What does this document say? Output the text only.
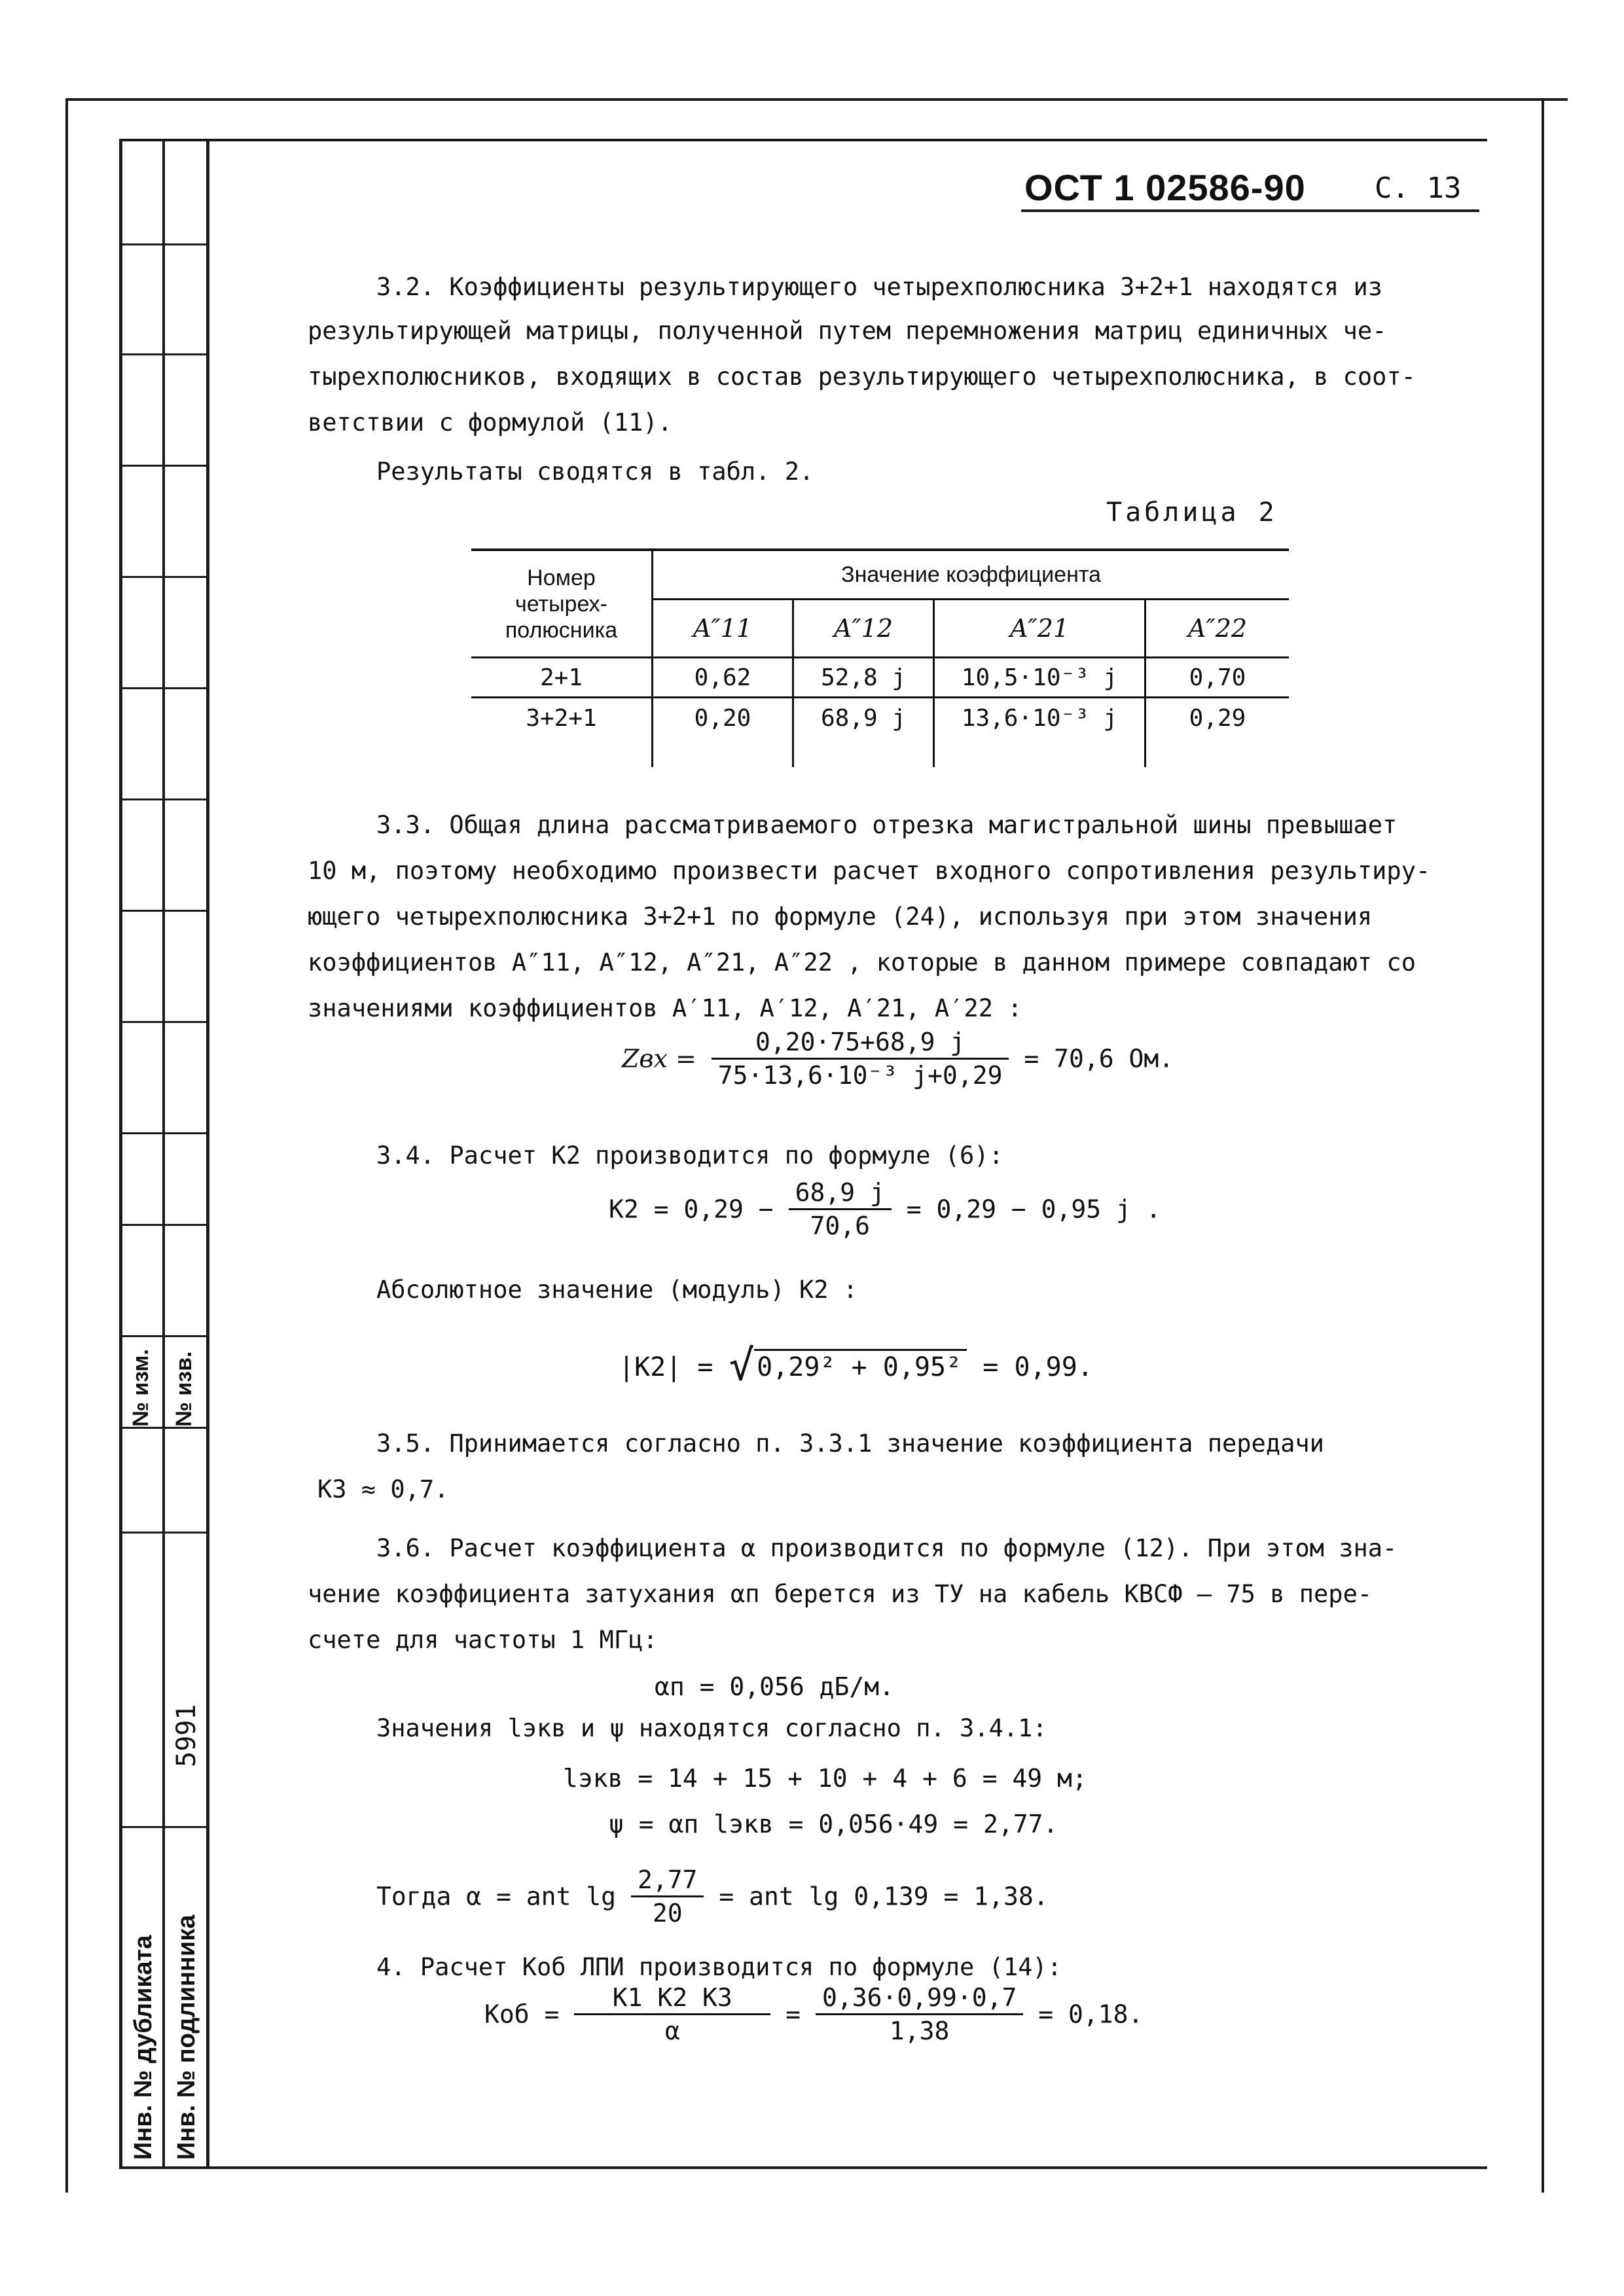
№ изм. № изв.
5991
Инв. № дубликата Инв. № подлинника
ОСТ 1 02586-90 С. 13
3.2. Коэффициенты результирующего четырехполюсника 3+2+1 находятся из
результирующей матрицы, полученной путем перемножения матриц единичных че-
тырехполюсников, входящих в состав результирующего четырехполюсника, в соот-
ветствии с формулой (11).
Результаты сводятся в табл. 2.
Таблица 2
Номер четырех- полюсника	Значение коэффициента			
	A″11	A″12	A″21	A″22
2+1	0,62	52,8 j	10,5·10⁻³ j	0,70
3+2+1	0,20	68,9 j	13,6·10⁻³ j	0,29
3.3. Общая длина рассматриваемого отрезка магистральной шины превышает
10 м, поэтому необходимо произвести расчет входного сопротивления результиру-
ющего четырехполюсника 3+2+1 по формуле (24), используя при этом значения
коэффициентов A″11, A″12, A″21, A″22 , которые в данном примере совпадают со
значениями коэффициентов A′11, A′12, A′21, A′22 :
Zвх = $\frac{0,20\cdot 75+68,9 j}{\text{75·13,6·10⁻³ j+0,29}} = 70,6$ Ом.
3.4. Расчет K2 производится по формуле (6):
$K2 = 0,29 - \frac{68,9 j}{70,6} = 0,29 - 0,95$ j .
Абсолютное значение (модуль) K2 :
|K2| = √ 0,29² + 0,95² = 0,99.
3.5. Принимается согласно п. 3.3.1 значение коэффициента передачи
K3 ≈ 0,7.
3.6. Расчет коэффициента α производится по формуле (12). При этом зна-
чение коэффициента затухания αп берется из ТУ на кабель КВСФ – 75 в пере-
счете для частоты 1 МГц:
αп = 0,056 дБ/м.
Значения lэкв и ψ находятся согласно п. 3.4.1:
lэкв = 14 + 15 + 10 + 4 + 6 = 49 м;
ψ = αп lэкв = 0,056·49 = 2,77.
Тогда α = ant $\lg \frac{2,77}{20}$ = ant lg 0,139 = 1,38.
4. Расчет Kоб ЛПИ производится по формуле (14):
Kоб = $\frac{K1 K2 K3}{\alpha} = \frac{0,36\cdot 0,99\cdot 0,7}{1,38} = 0,18$.
